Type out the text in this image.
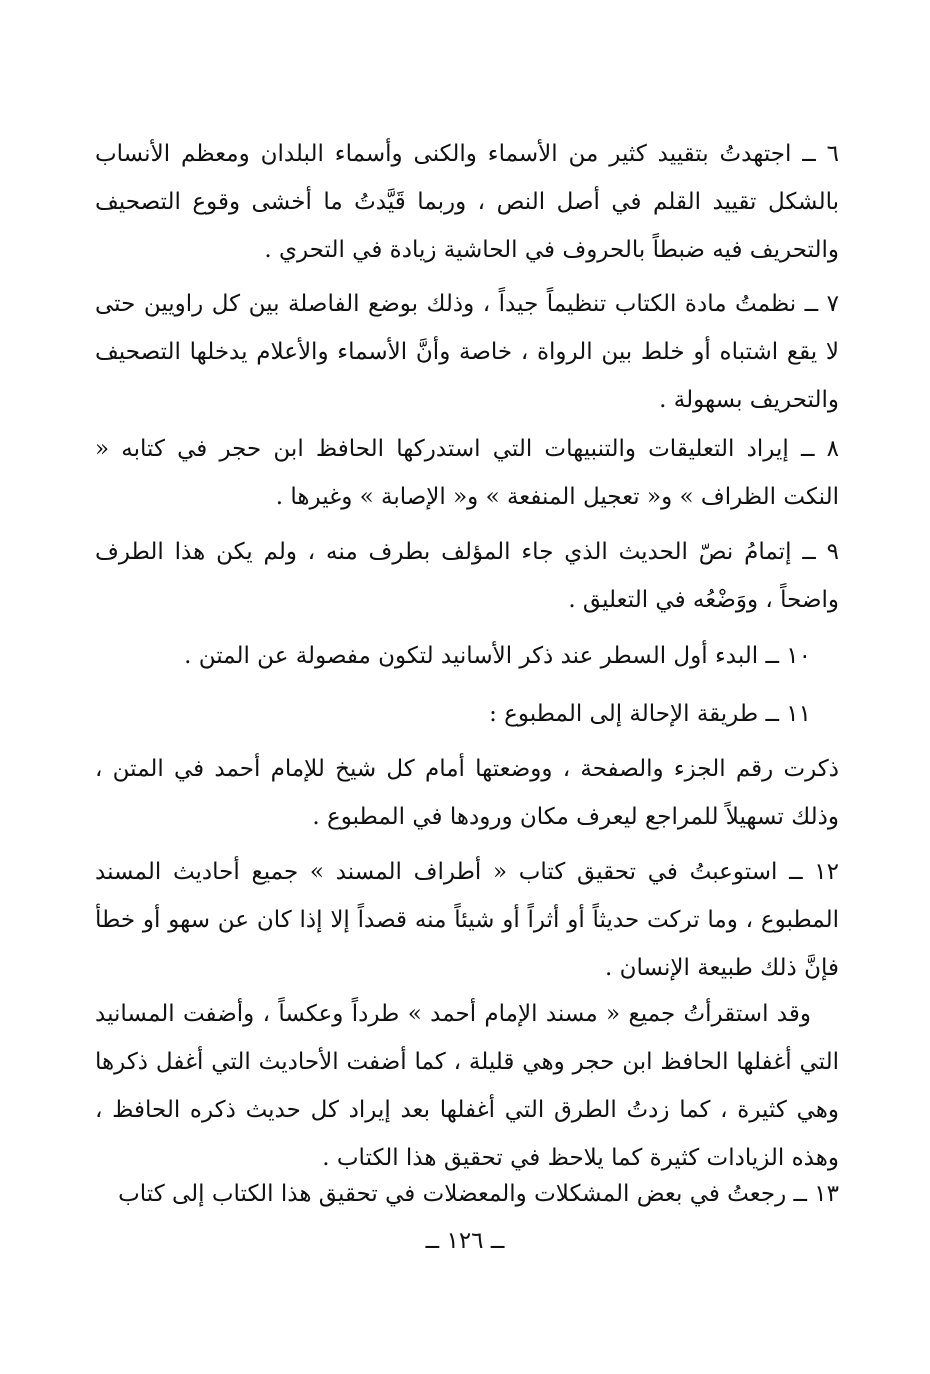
٦ ــ اجتهدتُ بتقييد كثير من الأسماء والكنى وأسماء البلدان ومعظم الأنساب بالشكل تقييد القلم في أصل النص ، وربما قَيَّدتُ ما أخشى وقوع التصحيف والتحريف فيه ضبطاً بالحروف في الحاشية زيادة في التحري .

٧ ــ نظمتُ مادة الكتاب تنظيماً جيداً ، وذلك بوضع الفاصلة بين كل راويين حتى لا يقع اشتباه أو خلط بين الرواة ، خاصة وأنَّ الأسماء والأعلام يدخلها التصحيف والتحريف بسهولة .

٨ ــ إيراد التعليقات والتنبيهات التي استدركها الحافظ ابن حجر في كتابه « النكت الظراف » و« تعجيل المنفعة » و« الإصابة » وغيرها .

٩ ــ إتمامُ نصّ الحديث الذي جاء المؤلف بطرف منه ، ولم يكن هذا الطرف واضحاً ، ووَضْعُه في التعليق .

١٠ ــ البدء أول السطر عند ذكر الأسانيد لتكون مفصولة عن المتن .

١١ ــ طريقة الإحالة إلى المطبوع :

ذكرت رقم الجزء والصفحة ، ووضعتها أمام كل شيخ للإمام أحمد في المتن ، وذلك تسهيلاً للمراجع ليعرف مكان ورودها في المطبوع .

١٢ ــ استوعبتُ في تحقيق كتاب « أطراف المسند » جميع أحاديث المسند المطبوع ، وما تركت حديثاً أو أثراً أو شيئاً منه قصداً إلا إذا كان عن سهو أو خطأ فإنَّ ذلك طبيعة الإنسان .

وقد استقرأتُ جميع « مسند الإمام أحمد » طرداً وعكساً ، وأضفت المسانيد التي أغفلها الحافظ ابن حجر وهي قليلة ، كما أضفت الأحاديث التي أغفل ذكرها وهي كثيرة ، كما زدتُ الطرق التي أغفلها بعد إيراد كل حديث ذكره الحافظ ، وهذه الزيادات كثيرة كما يلاحظ في تحقيق هذا الكتاب .

١٣ ــ رجعتُ في بعض المشكلات والمعضلات في تحقيق هذا الكتاب إلى كتاب

ــ ١٢٦ ــ
